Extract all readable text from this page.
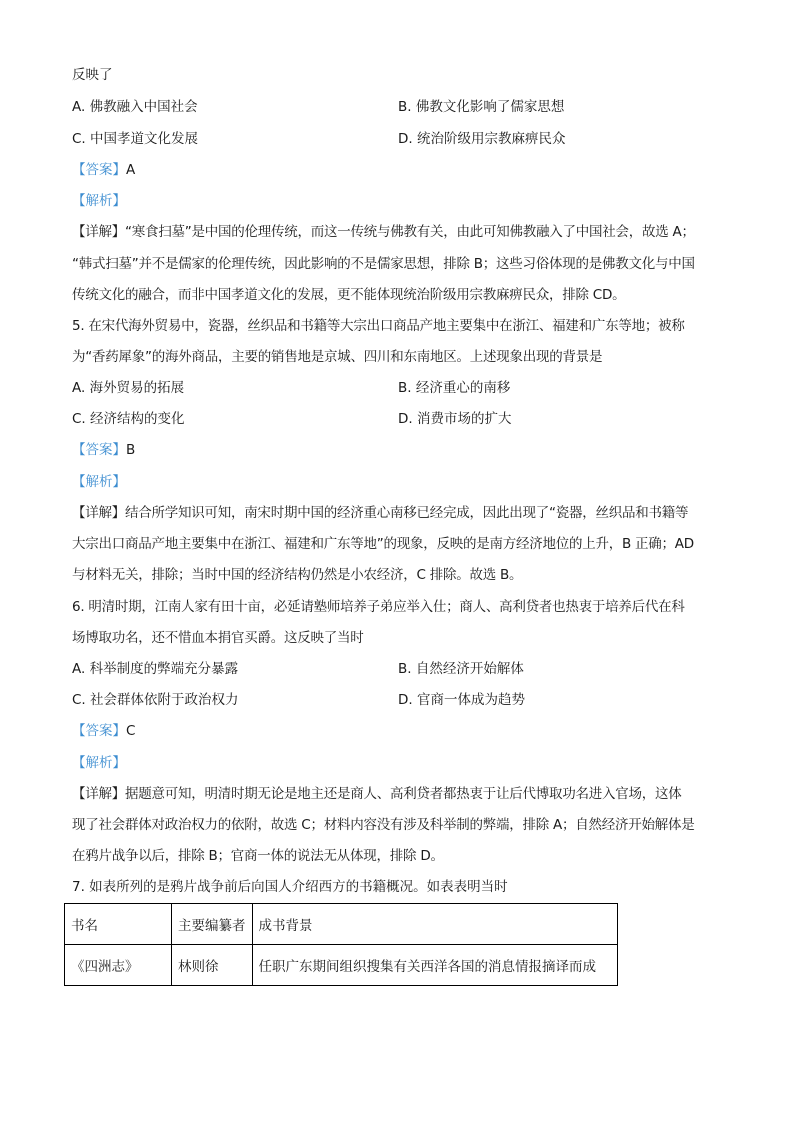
反映了
A. 佛教融入中国社会	B. 佛教文化影响了儒家思想
C. 中国孝道文化发展	D. 统治阶级用宗教麻痹民众
【答案】A
【解析】
【详解】“寒食扫墓”是中国的伦理传统，而这一传统与佛教有关，由此可知佛教融入了中国社会，故选 A；
“韩式扫墓”并不是儒家的伦理传统，因此影响的不是儒家思想，排除 B；这些习俗体现的是佛教文化与中国
传统文化的融合，而非中国孝道文化的发展，更不能体现统治阶级用宗教麻痹民众，排除 CD。
5. 在宋代海外贸易中，瓷器，丝织品和书籍等大宗出口商品产地主要集中在浙江、福建和广东等地；被称
为“香药犀象”的海外商品，主要的销售地是京城、四川和东南地区。上述现象出现的背景是
A. 海外贸易的拓展	B. 经济重心的南移
C. 经济结构的变化	D. 消费市场的扩大
【答案】B
【解析】
【详解】结合所学知识可知，南宋时期中国的经济重心南移已经完成，因此出现了“瓷器，丝织品和书籍等
大宗出口商品产地主要集中在浙江、福建和广东等地”的现象，反映的是南方经济地位的上升，B 正确；AD
与材料无关，排除；当时中国的经济结构仍然是小农经济，C 排除。故选 B。
6. 明清时期，江南人家有田十亩，必延请塾师培养子弟应举入仕；商人、高利贷者也热衷于培养后代在科
场博取功名，还不惜血本捐官买爵。这反映了当时
A. 科举制度的弊端充分暴露	B. 自然经济开始解体
C. 社会群体依附于政治权力	D. 官商一体成为趋势
【答案】C
【解析】
【详解】据题意可知，明清时期无论是地主还是商人、高利贷者都热衷于让后代博取功名进入官场，这体
现了社会群体对政治权力的依附，故选 C；材料内容没有涉及科举制的弊端，排除 A；自然经济开始解体是
在鸦片战争以后，排除 B；官商一体的说法无从体现，排除 D。
7. 如表所列的是鸦片战争前后向国人介绍西方的书籍概况。如表表明当时
书名	主要编纂者	成书背景
《四洲志》	林则徐	任职广东期间组织搜集有关西洋各国的消息情报摘译而成
